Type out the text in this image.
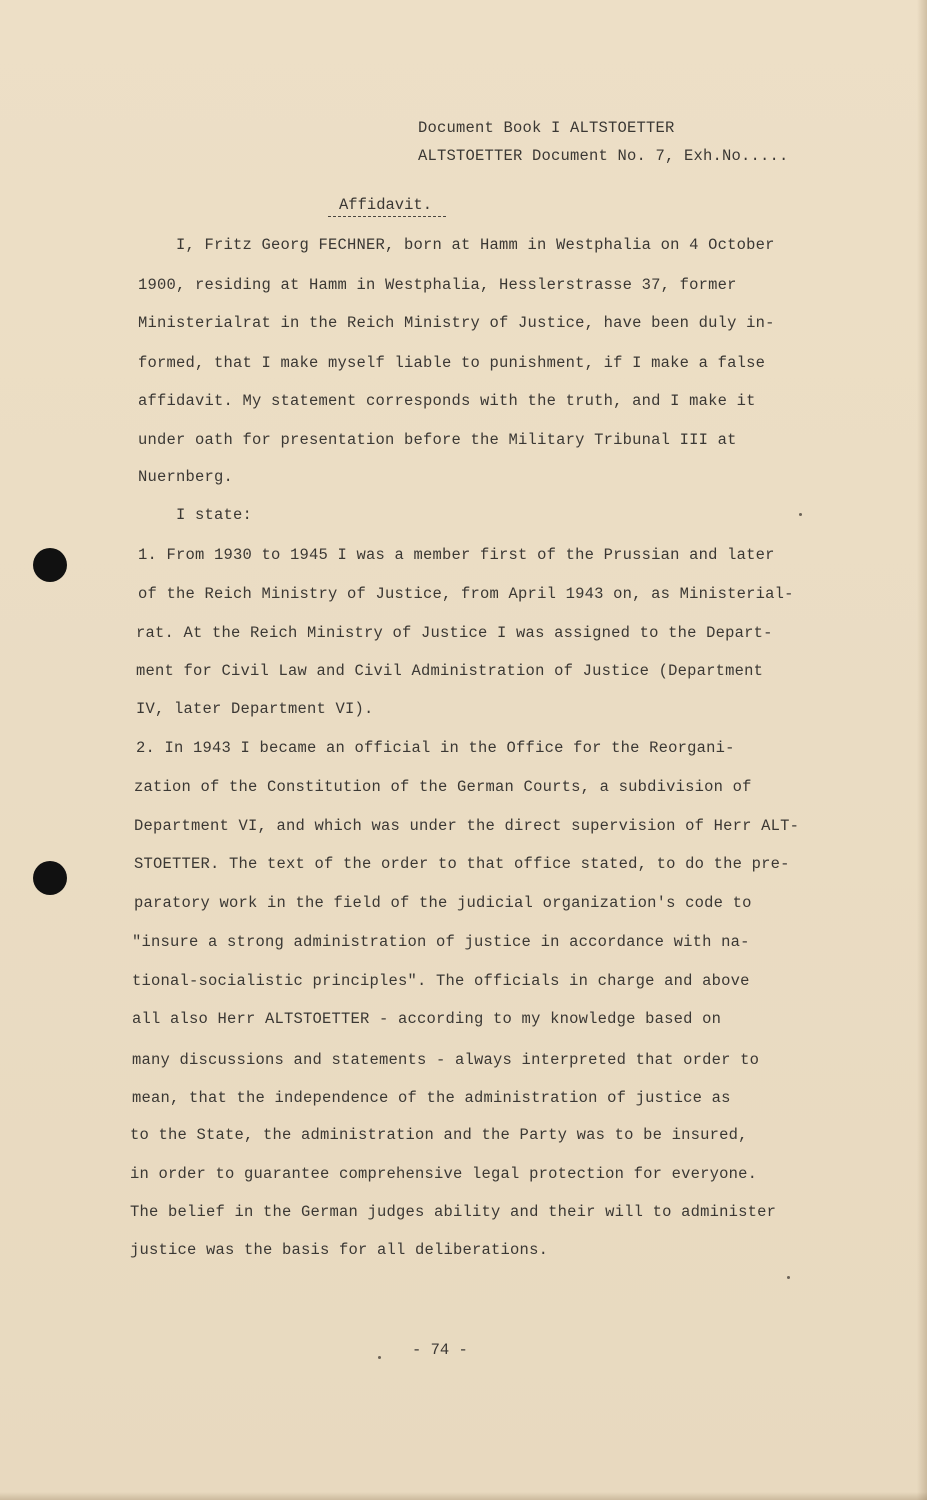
Document Book I ALTSTOETTER
ALTSTOETTER Document No. 7, Exh.No.....
Affidavit.
I, Fritz Georg FECHNER, born at Hamm in Westphalia on 4 October
1900, residing at Hamm in Westphalia, Hesslerstrasse 37, former
Ministerialrat in the Reich Ministry of Justice, have been duly in-
formed, that I make myself liable to punishment, if I make a false
affidavit. My statement corresponds with the truth, and I make it
under oath for presentation before the Military Tribunal III at
Nuernberg.
I state:
1. From 1930 to 1945 I was a member first of the Prussian and later
of the Reich Ministry of Justice, from April 1943 on, as Ministerial-
rat. At the Reich Ministry of Justice I was assigned to the Depart-
ment for Civil Law and Civil Administration of Justice (Department
IV, later Department VI).
2. In 1943 I became an official in the Office for the Reorgani-
zation of the Constitution of the German Courts, a subdivision of
Department VI, and which was under the direct supervision of Herr ALT-
STOETTER. The text of the order to that office stated, to do the pre-
paratory work in the field of the judicial organization's code to
"insure a strong administration of justice in accordance with na-
tional-socialistic principles". The officials in charge and above
all also Herr ALTSTOETTER - according to my knowledge based on
many discussions and statements - always interpreted that order to
mean, that the independence of the administration of justice as
to the State, the administration and the Party was to be insured,
in order to guarantee comprehensive legal protection for everyone.
The belief in the German judges ability and their will to administer
justice was the basis for all deliberations.
- 74 -
